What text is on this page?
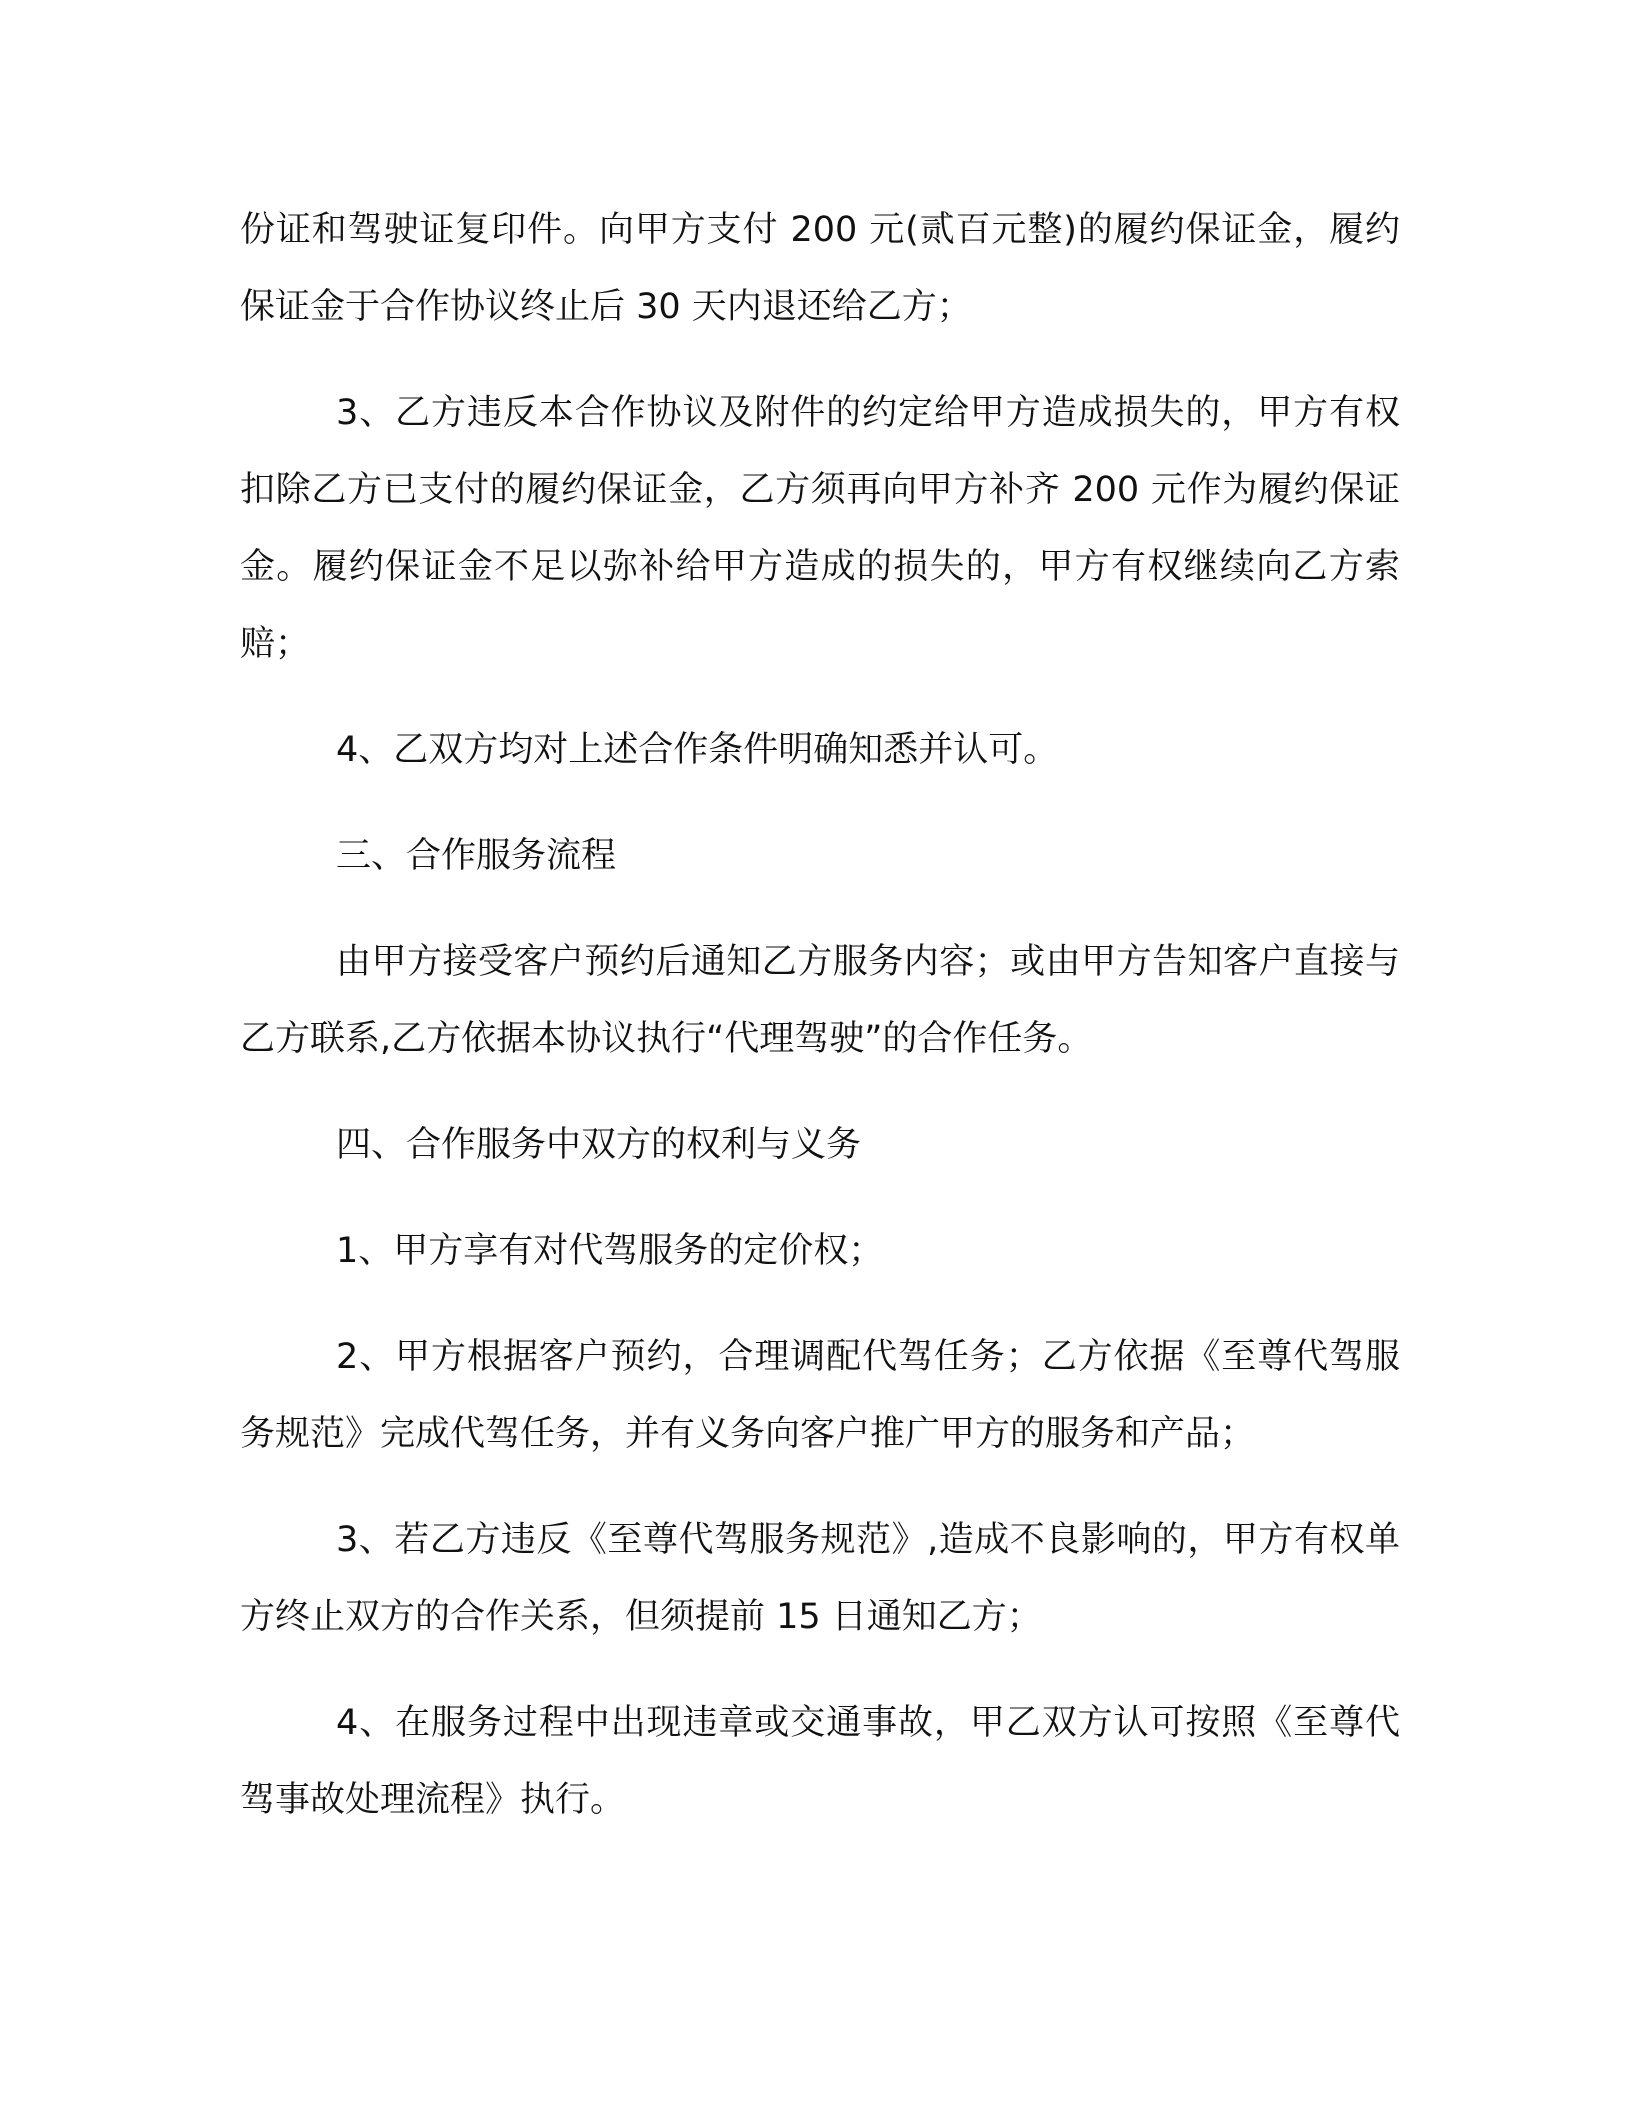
份证和驾驶证复印件。向甲方支付 200 元(贰百元整)的履约保证金，履约保证金于合作协议终止后 30 天内退还给乙方；

3、乙方违反本合作协议及附件的约定给甲方造成损失的，甲方有权扣除乙方已支付的履约保证金，乙方须再向甲方补齐 200 元作为履约保证金。履约保证金不足以弥补给甲方造成的损失的，甲方有权继续向乙方索赔；

4、乙双方均对上述合作条件明确知悉并认可。

三、合作服务流程

由甲方接受客户预约后通知乙方服务内容；或由甲方告知客户直接与乙方联系,乙方依据本协议执行“代理驾驶”的合作任务。

四、合作服务中双方的权利与义务

1、甲方享有对代驾服务的定价权；

2、甲方根据客户预约，合理调配代驾任务；乙方依据《至尊代驾服务规范》完成代驾任务，并有义务向客户推广甲方的服务和产品；

3、若乙方违反《至尊代驾服务规范》,造成不良影响的，甲方有权单方终止双方的合作关系，但须提前 15 日通知乙方；

4、在服务过程中出现违章或交通事故，甲乙双方认可按照《至尊代驾事故处理流程》执行。
